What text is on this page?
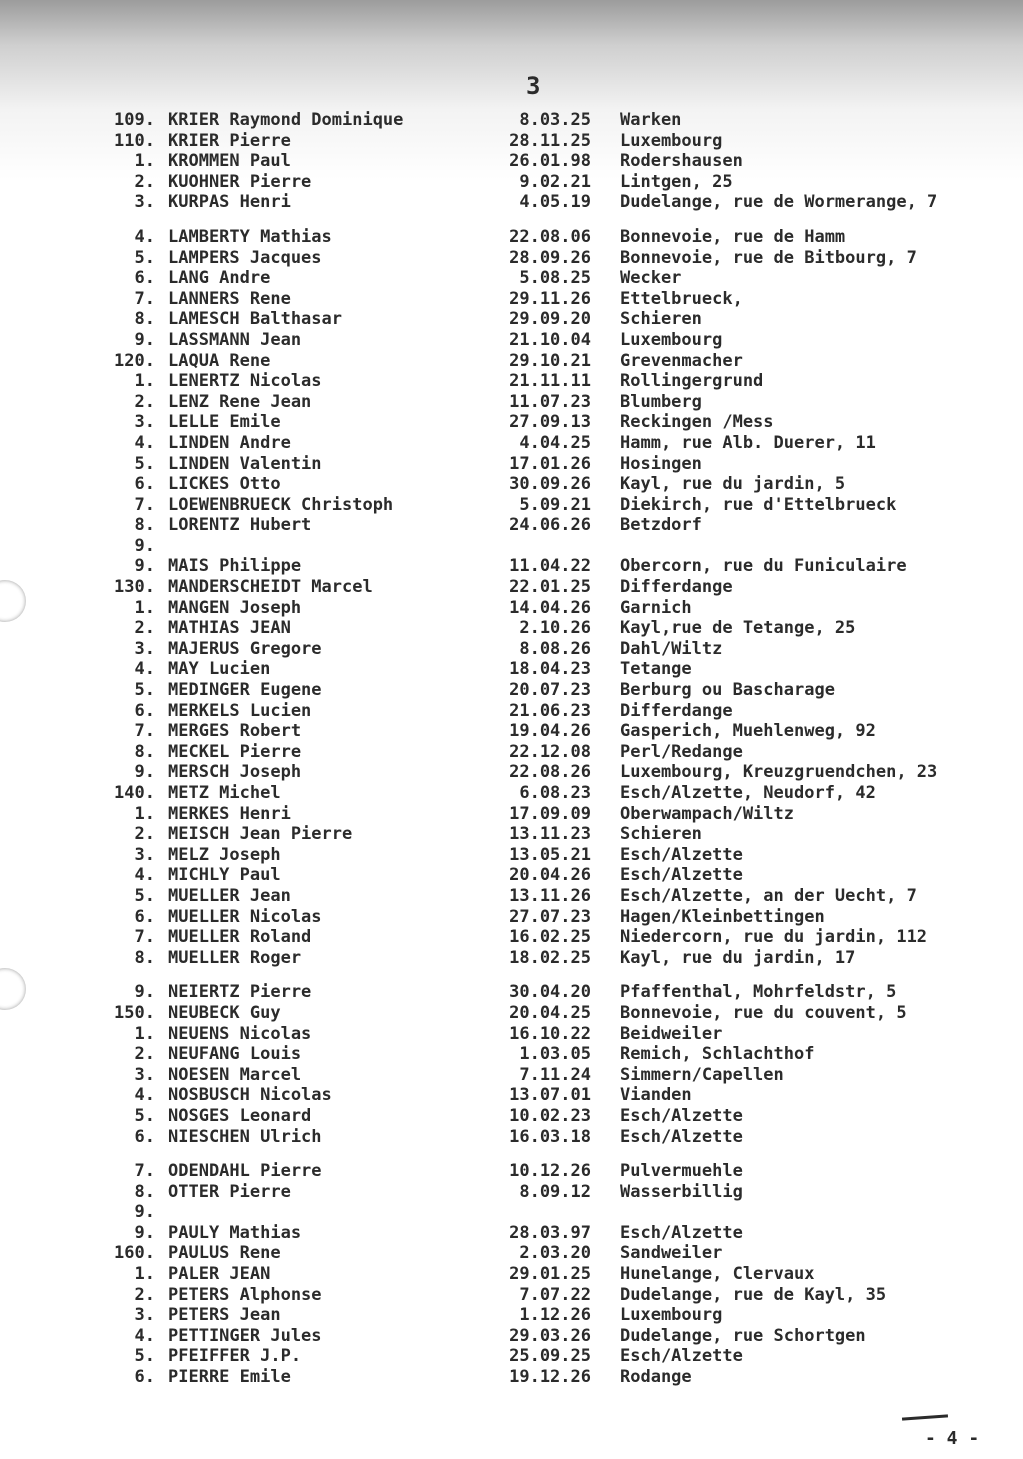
3
109. KRIER Raymond Dominique	8.03.25 Warken
110. KRIER Pierre	28.11.25 Luxembourg
1. KROMMEN Paul	26.01.98 Rodershausen
2. KUOHNER Pierre	9.02.21 Lintgen, 25
3. KURPAS Henri	4.05.19 Dudelange, rue de Wormerange, 7
4. LAMBERTY Mathias	22.08.06 Bonnevoie, rue de Hamm
5. LAMPERS Jacques	28.09.26 Bonnevoie, rue de Bitbourg, 7
6. LANG Andre	5.08.25 Wecker
7. LANNERS Rene	29.11.26 Ettelbrueck,
8. LAMESCH Balthasar	29.09.20 Schieren
9. LASSMANN Jean	21.10.04 Luxembourg
120. LAQUA Rene	29.10.21 Grevenmacher
1. LENERTZ Nicolas	21.11.11 Rollingergrund
2. LENZ Rene Jean	11.07.23 Blumberg
3. LELLE Emile	27.09.13 Reckingen /Mess
4. LINDEN Andre	4.04.25 Hamm, rue Alb. Duerer, 11
5. LINDEN Valentin	17.01.26 Hosingen
6. LICKES Otto	30.09.26 Kayl, rue du jardin, 5
7. LOEWENBRUECK Christoph	5.09.21 Diekirch, rue d'Ettelbrueck
8. LORENTZ Hubert	24.06.26 Betzdorf
9.
9. MAIS Philippe	11.04.22 Obercorn, rue du Funiculaire
130. MANDERSCHEIDT Marcel	22.01.25 Differdange
1. MANGEN Joseph	14.04.26 Garnich
2. MATHIAS JEAN	2.10.26 Kayl,rue de Tetange, 25
3. MAJERUS Gregore	8.08.26 Dahl/Wiltz
4. MAY Lucien	18.04.23 Tetange
5. MEDINGER Eugene	20.07.23 Berburg ou Bascharage
6. MERKELS Lucien	21.06.23 Differdange
7. MERGES Robert	19.04.26 Gasperich, Muehlenweg, 92
8. MECKEL Pierre	22.12.08 Perl/Redange
9. MERSCH Joseph	22.08.26 Luxembourg, Kreuzgruendchen, 23
140. METZ Michel	6.08.23 Esch/Alzette, Neudorf, 42
1. MERKES Henri	17.09.09 Oberwampach/Wiltz
2. MEISCH Jean Pierre	13.11.23 Schieren
3. MELZ Joseph	13.05.21 Esch/Alzette
4. MICHLY Paul	20.04.26 Esch/Alzette
5. MUELLER Jean	13.11.26 Esch/Alzette, an der Uecht, 7
6. MUELLER Nicolas	27.07.23 Hagen/Kleinbettingen
7. MUELLER Roland	16.02.25 Niedercorn, rue du jardin, 112
8. MUELLER Roger	18.02.25 Kayl, rue du jardin, 17
9. NEIERTZ Pierre	30.04.20 Pfaffenthal, Mohrfeldstr, 5
150. NEUBECK Guy	20.04.25 Bonnevoie, rue du couvent, 5
1. NEUENS Nicolas	16.10.22 Beidweiler
2. NEUFANG Louis	1.03.05 Remich, Schlachthof
3. NOESEN Marcel	7.11.24 Simmern/Capellen
4. NOSBUSCH Nicolas	13.07.01 Vianden
5. NOSGES Leonard	10.02.23 Esch/Alzette
6. NIESCHEN Ulrich	16.03.18 Esch/Alzette
7. ODENDAHL Pierre	10.12.26 Pulvermuehle
8. OTTER Pierre	8.09.12 Wasserbillig
9.
9. PAULY Mathias	28.03.97 Esch/Alzette
160. PAULUS Rene	2.03.20 Sandweiler
1. PALER JEAN	29.01.25 Hunelange, Clervaux
2. PETERS Alphonse	7.07.22 Dudelange, rue de Kayl, 35
3. PETERS Jean	1.12.26 Luxembourg
4. PETTINGER Jules	29.03.26 Dudelange, rue Schortgen
5. PFEIFFER J.P.	25.09.25 Esch/Alzette
6. PIERRE Emile	19.12.26 Rodange
- 4 -
